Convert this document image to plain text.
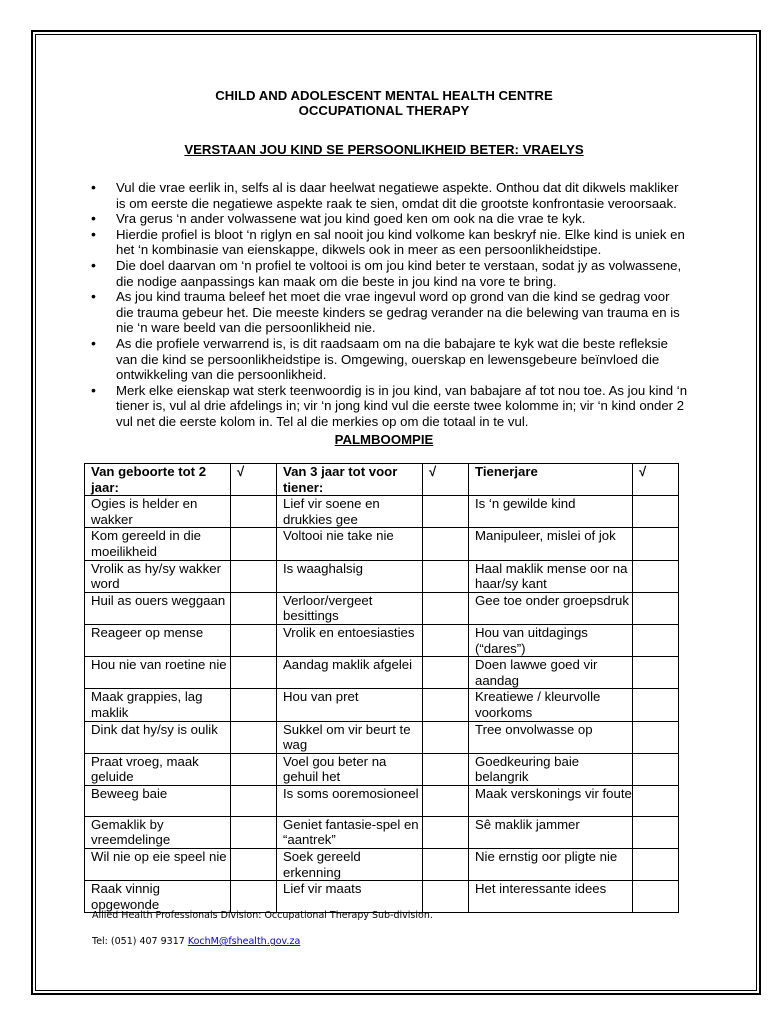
CHILD AND ADOLESCENT MENTAL HEALTH CENTRE
OCCUPATIONAL THERAPY
VERSTAAN JOU KIND SE PERSOONLIKHEID BETER: VRAELYS
• Vul die vrae eerlik in, selfs al is daar heelwat negatiewe aspekte. Onthou dat dit dikwels makliker is om eerste die negatiewe aspekte raak te sien, omdat dit die grootste konfrontasie veroorsaak.
• Vra gerus ‘n ander volwassene wat jou kind goed ken om ook na die vrae te kyk.
• Hierdie profiel is bloot ‘n riglyn en sal nooit jou kind volkome kan beskryf nie. Elke kind is uniek en het ‘n kombinasie van eienskappe, dikwels ook in meer as een persoonlikheidstipe.
• Die doel daarvan om ‘n profiel te voltooi is om jou kind beter te verstaan, sodat jy as volwassene, die nodige aanpassings kan maak om die beste in jou kind na vore te bring.
• As jou kind trauma beleef het moet die vrae ingevul word op grond van die kind se gedrag voor die trauma gebeur het. Die meeste kinders se gedrag verander na die belewing van trauma en is nie ‘n ware beeld van die persoonlikheid nie.
• As die profiele verwarrend is, is dit raadsaam om na die babajare te kyk wat die beste refleksie van die kind se persoonlikheidstipe is. Omgewing, ouerskap en lewensgebeure beïnvloed die ontwikkeling van die persoonlikheid.
• Merk elke eienskap wat sterk teenwoordig is in jou kind, van babajare af tot nou toe. As jou kind ‘n tiener is, vul al drie afdelings in; vir ‘n jong kind vul die eerste twee kolomme in; vir ‘n kind onder 2 vul net die eerste kolom in. Tel al die merkies op om die totaal in te vul.
PALMBOOMPIE
Van geboorte tot 2 jaar:	√	Van 3 jaar tot voor tiener:	√	Tienerjare	√
Ogies is helder en wakker		Lief vir soene en drukkies gee		Is ‘n gewilde kind	
Kom gereeld in die moeilikheid		Voltooi nie take nie		Manipuleer, mislei of jok	
Vrolik as hy/sy wakker word		Is waaghalsig		Haal maklik mense oor na haar/sy kant	
Huil as ouers weggaan		Verloor/vergeet besittings		Gee toe onder groepsdruk	
Reageer op mense		Vrolik en entoesiasties		Hou van uitdagings (“dares”)	
Hou nie van roetine nie		Aandag maklik afgelei		Doen lawwe goed vir aandag	
Maak grappies, lag maklik		Hou van pret		Kreatiewe / kleurvolle voorkoms	
Dink dat hy/sy is oulik		Sukkel om vir beurt te wag		Tree onvolwasse op	
Praat vroeg, maak geluide		Voel gou beter na gehuil het		Goedkeuring baie belangrik	
Beweeg baie		Is soms ooremosioneel		Maak verskonings vir foute	
Gemaklik by vreemdelinge		Geniet fantasie-spel en “aantrek”		Sê maklik jammer	
Wil nie op eie speel nie		Soek gereeld erkenning		Nie ernstig oor pligte nie	
Raak vinnig opgewonde		Lief vir maats		Het interessante idees	
Allied Health Professionals Division: Occupational Therapy Sub-division.
Tel: (051) 407 9317 KochM@fshealth.gov.za
